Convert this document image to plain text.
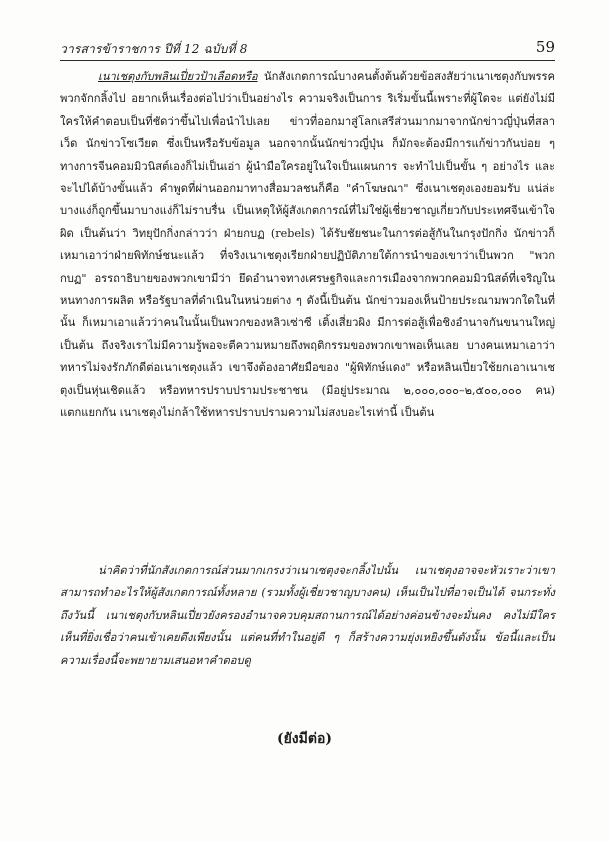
วารสารข้าราชการ ปีที่ 12 ฉบับที่ 8	59

เนาเชตุงกับพลินเปี่ยวป้าเลือดหรือ นักสังเกตการณ์บางคนตั้งต้นด้วยข้อสงสัยว่าเนาเซตุงกับพรรคพวกจักกลิ้งไป อยากเห็นเรื่องต่อไปว่าเป็นอย่างไร ความจริงเป็นการ ริเริ่มขั้นนี้เพราะที่ผู้ใดจะ แต่ยังไม่มีใครให้คำตอบเป็นที่ชัดว่าขึ้นไปเพื่อนำไปเลย ข่าวที่ออกมาสู่โลกเสรีส่วนมากมาจากนักข่าวญี่ปุ่นที่สลาเว็ด นักข่าวโซเวียต ซึ่งเป็นหรือรับข้อมูล นอกจากนั้นนักข่าวญี่ปุ่น ก็มักจะต้องมีการแก้ข่าวกันบ่อย ๆ ทางการจีนคอมมิวนิสต์เองก็ไม่เป็นเอ่า ผู้นำมือใครอยู่ในใจเป็นแผนการ จะทำไปเป็นขั้น ๆ อย่างไร และจะไปได้บ้างขั้นแล้ว คำพูดที่ผ่านออกมาทางสื่อมวลชนก็คือ "คำโฆษณา" ซึ่งเนาเชตุงเองยอมรับ แน่ล่ะ บางแง่ก็ถูกขึ้นมาบางแง่ก็ไม่ราบรื่น เป็นเหตุให้ผู้สังเกตการณ์ที่ไม่ใช่ผู้เชี่ยวชาญเกี่ยวกับประเทศจีนเข้าใจผิด เป็นต้นว่า วิทยุปักกิ่งกล่าวว่า ฝ่ายกบฏ (rebels) ได้รับชัยชนะในการต่อสู้กันในกรุงปักกิ่ง นักข่าวก็เหมาเอาว่าฝ่ายพิทักษ์ชนะแล้ว ที่จริงเนาเชตุงเรียกฝ่ายปฏิบัติภายใต้การนำของเขาว่าเป็นพวก "พวกกบฏ" อรรถาธิบายของพวกเขามีว่า ยึดอำนาจทางเศรษฐกิจและการเมืองจากพวกคอมมิวนิสต์ที่เจริญในหนทางการผลิต หรือรัฐบาลที่ดำเนินในหน่วยต่าง ๆ ดังนี้เป็นต้น นักข่าวมองเห็นป้ายประณามพวกใดในที่นั้น ก็เหมาเอาแล้วว่าคนในนั้นเป็นพวกของหลิวเซ่าซี เติ้งเสี่ยวผิง มีการต่อสู้เพื่อชิงอำนาจกันขนานใหญ่ เป็นต้น ถึงจริงเราไม่มีความรู้พอจะตีความหมายถึงพฤติกรรมของพวกเขาพอเห็นเลย บางคนเหมาเอาว่าทหารไม่จงรักภักดีต่อเนาเชตุงแล้ว เขาจึงต้องอาศัยมือของ "ผู้พิทักษ์แดง" หรือหลินเปี่ยวใช้ยกเอาเนาเชตุงเป็นหุ่นเชิดแล้ว หรือทหารปราบปรามประชาชน (มีอยู่ประมาณ ๒,๐๐๐,๐๐๐–๒,๕๐๐,๐๐๐ คน) แตกแยกกัน เนาเชตุงไม่กล้าใช้ทหารปราบปรามความไม่สงบอะไรเท่านี้ เป็นต้น

น่าคิดว่าที่นักสังเกตการณ์ส่วนมากเกรงว่าเนาเซตุงจะกลิ้งไปนั้น เนาเชตุงอาจจะหัวเราะว่าเขาสามารถทำอะไรให้ผู้สังเกตการณ์ทั้งหลาย (รวมทั้งผู้เชี่ยวชาญบางคน) เห็นเป็นไปที่อาจเป็นได้ จนกระทั่งถึงวันนี้ เนาเชตุงกับหลินเปี่ยวยังครองอำนาจควบคุมสถานการณ์ได้อย่างค่อนข้างจะมั่นคง คงไม่มีใครเห็นที่ยิ่งเชื่อว่าคนเข้าเคยดึงเพียงนั้น แต่คนที่ทำในอยู่ดี ๆ ก็สร้างความยุ่งเหยิงขึ้นดังนั้น ข้อนี้และเป็นความเรื่องนี้จะพยายามเสนอหาคำตอบดู

(ยังมีต่อ)
